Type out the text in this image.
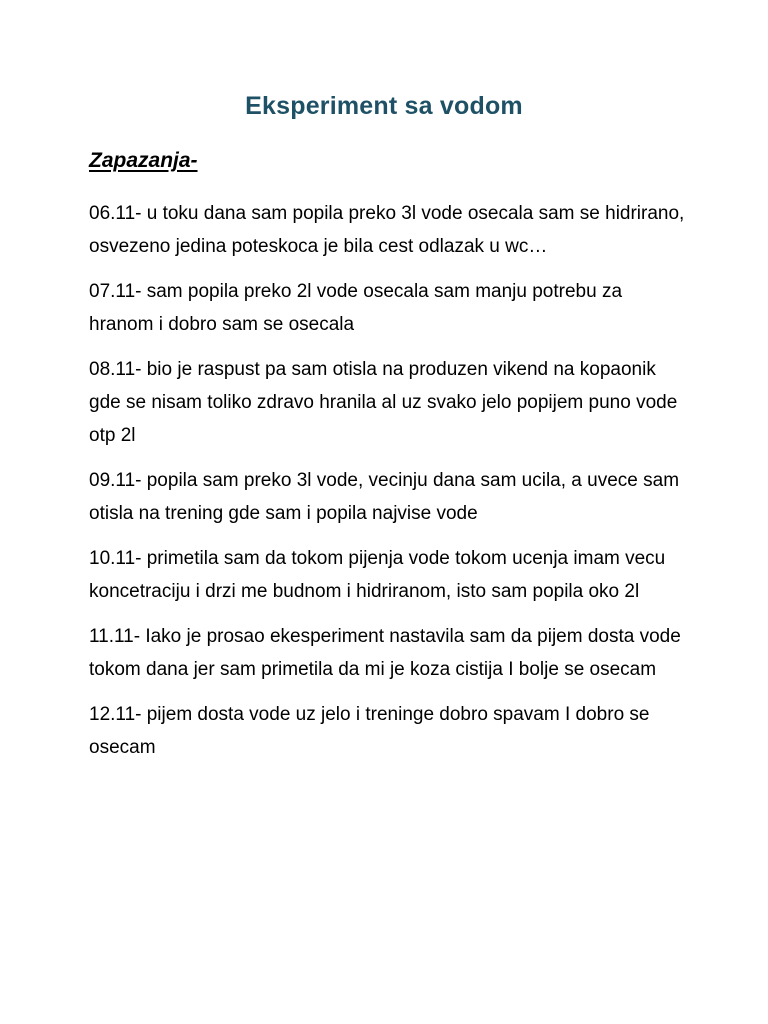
Eksperiment sa vodom
Zapazanja-

06.11- u toku dana sam popila preko 3l vode osecala sam se hidrirano, osvezeno jedina poteskoca je bila cest odlazak u wc…

07.11- sam popila preko 2l vode osecala sam manju potrebu za hranom i dobro sam se osecala

08.11- bio je raspust pa sam otisla na produzen vikend na kopaonik gde se nisam toliko zdravo hranila al uz svako jelo popijem puno vode otp 2l

09.11- popila sam preko 3l vode, vecinju dana sam ucila, a uvece sam otisla na trening gde sam i popila najvise vode

10.11- primetila sam da tokom pijenja vode tokom ucenja imam vecu koncetraciju i drzi me budnom i hidriranom, isto sam popila oko 2l

11.11- Iako je prosao ekesperiment nastavila sam da pijem dosta vode tokom dana jer sam primetila da mi je koza cistija I bolje se osecam

12.11- pijem dosta vode uz jelo i treninge dobro spavam I dobro se osecam
